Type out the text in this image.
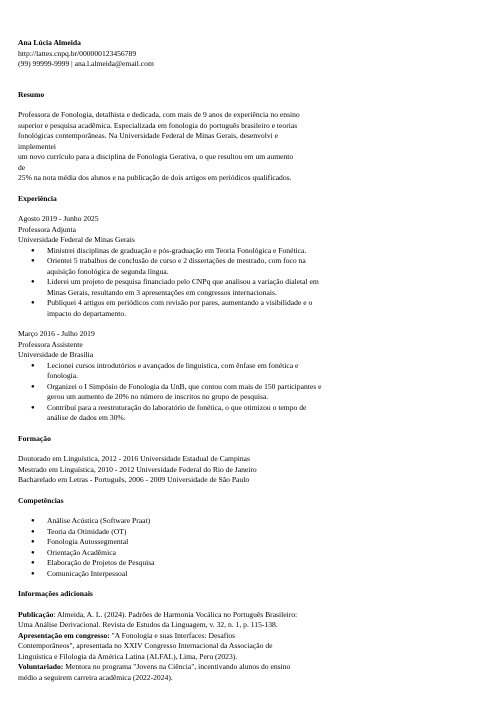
Ana Lúcia Almeida
http://lattes.cnpq.br/000000123456789
(99) 99999-9999 | ana.l.almeida@email.com
Resumo
Professora de Fonologia, detalhista e dedicada, com mais de 9 anos de experiência no ensino
superior e pesquisa acadêmica. Especializada em fonologia do português brasileiro e teorias
fonológicas contemporâneas. Na Universidade Federal de Minas Gerais, desenvolvi e implementei
um novo currículo para a disciplina de Fonologia Gerativa, o que resultou em um aumento de
25% na nota média dos alunos e na publicação de dois artigos em periódicos qualificados.
Experiência
Agosto 2019 - Junho 2025
Professora Adjunta
Universidade Federal de Minas Gerais
● Ministrei disciplinas de graduação e pós-graduação em Teoria Fonológica e Fonética.
● Orientei 5 trabalhos de conclusão de curso e 2 dissertações de mestrado, com foco na
aquisição fonológica de segunda língua.
● Liderei um projeto de pesquisa financiado pelo CNPq que analisou a variação dialetal em
Minas Gerais, resultando em 3 apresentações em congressos internacionais.
● Publiquei 4 artigos em periódicos com revisão por pares, aumentando a visibilidade e o
impacto do departamento.
Março 2016 - Julho 2019
Professora Assistente
Universidade de Brasília
● Lecionei cursos introdutórios e avançados de linguística, com ênfase em fonética e
fonologia.
● Organizei o I Simpósio de Fonologia da UnB, que contou com mais de 150 participantes e
gerou um aumento de 20% no número de inscritos no grupo de pesquisa.
● Contribuí para a reestruturação do laboratório de fonética, o que otimizou o tempo de
análise de dados em 30%.
Formação
Doutorado em Linguística, 2012 - 2016 Universidade Estadual de Campinas
Mestrado em Linguística, 2010 - 2012 Universidade Federal do Rio de Janeiro
Bacharelado em Letras - Português, 2006 - 2009 Universidade de São Paulo
Competências
● Análise Acústica (Software Praat)
● Teoria da Otimidade (OT)
● Fonologia Autossegmental
● Orientação Acadêmica
● Elaboração de Projetos de Pesquisa
● Comunicação Interpessoal
Informações adicionais
Publicação: Almeida, A. L. (2024). Padrões de Harmonia Vocálica no Português Brasileiro:
Uma Análise Derivacional. Revista de Estudos da Linguagem, v. 32, n. 1, p. 115-138.
Apresentação em congresso: "A Fonologia e suas Interfaces: Desafios
Contemporâneos", apresentada no XXIV Congresso Internacional da Associação de
Linguística e Filologia da América Latina (ALFAL), Lima, Peru (2023).
Voluntariado: Mentora no programa "Jovens na Ciência", incentivando alunos do ensino
médio a seguirem carreira acadêmica (2022-2024).
